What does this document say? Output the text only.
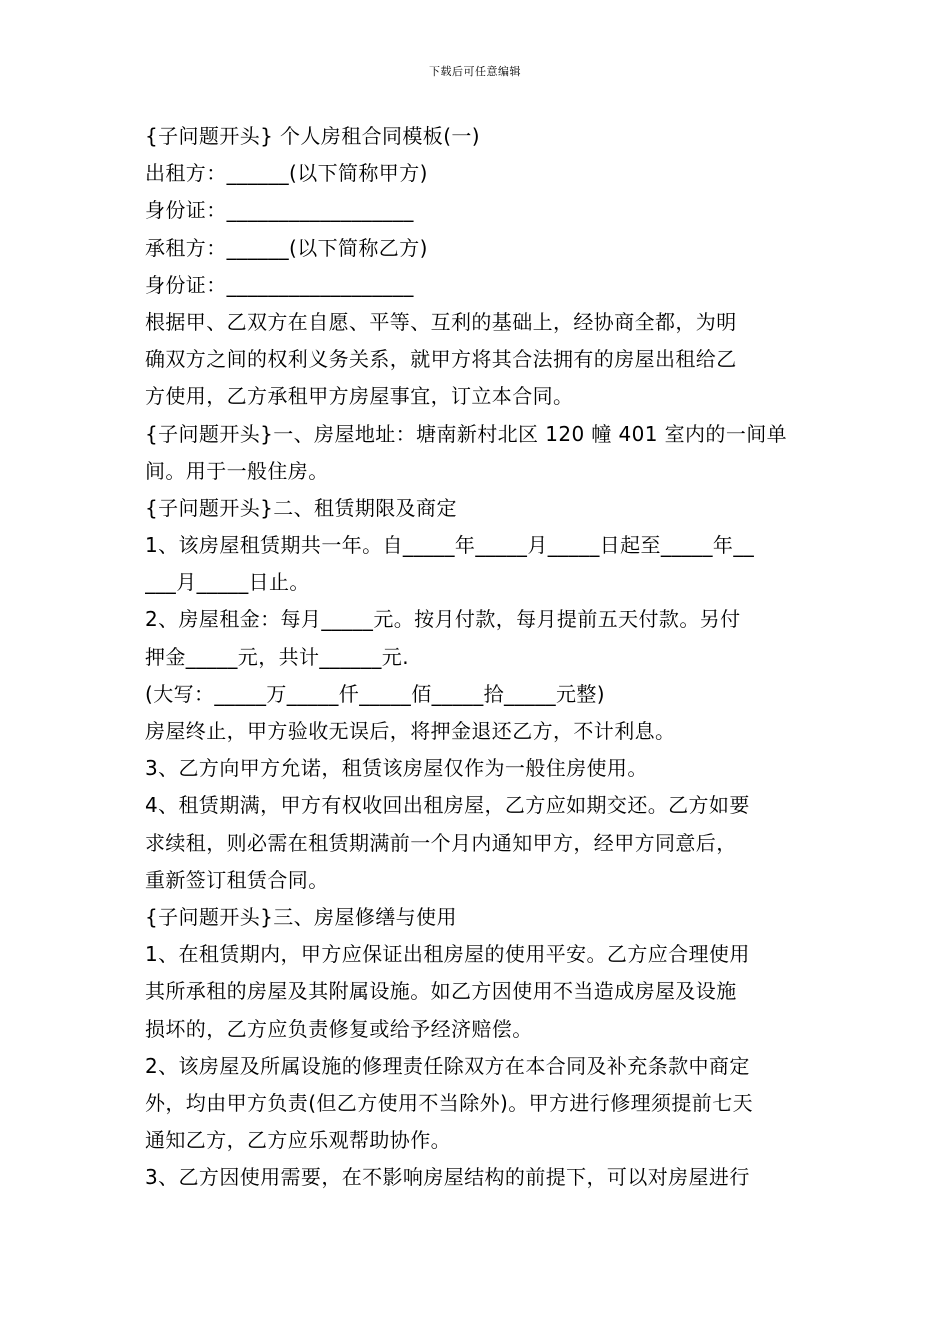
下载后可任意编辑
{子问题开头} 个人房租合同模板(一)
出租方：______(以下简称甲方)
身份证：__________________
承租方：______(以下简称乙方)
身份证：__________________
根据甲、乙双方在自愿、平等、互利的基础上，经协商全都，为明
确双方之间的权利义务关系，就甲方将其合法拥有的房屋出租给乙
方使用，乙方承租甲方房屋事宜，订立本合同。
{子问题开头}一、房屋地址：塘南新村北区 120 幢 401 室内的一间单
间。用于一般住房。
{子问题开头}二、租赁期限及商定
1、该房屋租赁期共一年。自_____年_____月_____日起至_____年__
___月_____日止。
2、房屋租金：每月_____元。按月付款，每月提前五天付款。另付
押金_____元，共计______元.
(大写：_____万_____仟_____佰_____拾_____元整)
房屋终止，甲方验收无误后，将押金退还乙方，不计利息。
3、乙方向甲方允诺，租赁该房屋仅作为一般住房使用。
4、租赁期满，甲方有权收回出租房屋，乙方应如期交还。乙方如要
求续租，则必需在租赁期满前一个月内通知甲方，经甲方同意后，
重新签订租赁合同。
{子问题开头}三、房屋修缮与使用
1、在租赁期内，甲方应保证出租房屋的使用平安。乙方应合理使用
其所承租的房屋及其附属设施。如乙方因使用不当造成房屋及设施
损坏的，乙方应负责修复或给予经济赔偿。
2、该房屋及所属设施的修理责任除双方在本合同及补充条款中商定
外，均由甲方负责(但乙方使用不当除外)。甲方进行修理须提前七天
通知乙方，乙方应乐观帮助协作。
3、乙方因使用需要，在不影响房屋结构的前提下，可以对房屋进行
